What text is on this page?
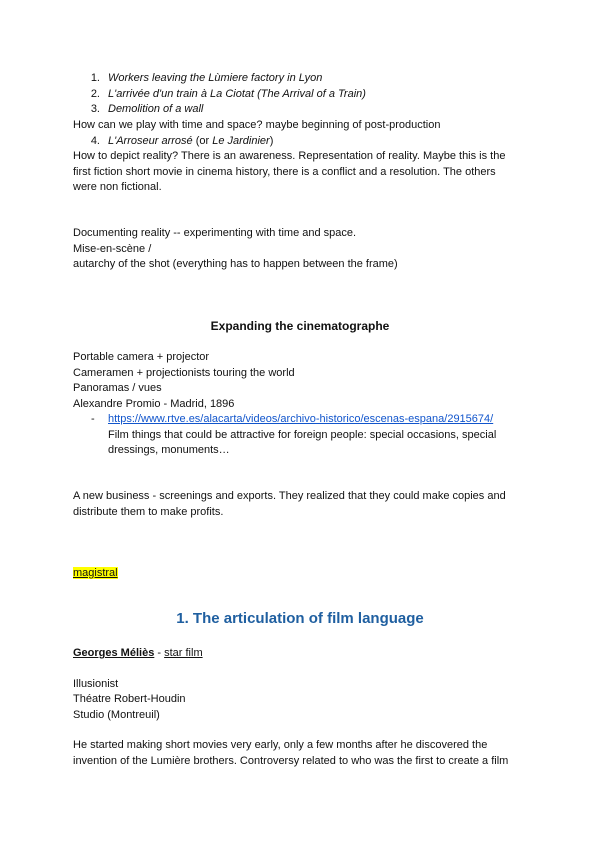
1. Workers leaving the Lùmiere factory in Lyon
2. L'arrivée d'un train à La Ciotat (The Arrival of a Train)
3. Demolition of a wall
How can we play with time and space? maybe beginning of post-production
4. L'Arroseur arrosé (or Le Jardinier)
How to depict reality? There is an awareness. Representation of reality. Maybe this is the
first fiction short movie in cinema history, there is a conflict and a resolution. The others
were non fictional.
Documenting reality -- experimenting with time and space.
Mise-en-scène /
autarchy of the shot (everything has to happen between the frame)
Expanding the cinematographe
Portable camera + projector
Cameramen + projectionists touring the world
Panoramas / vues
Alexandre Promio - Madrid, 1896
- https://www.rtve.es/alacarta/videos/archivo-historico/escenas-espana/2915674/
Film things that could be attractive for foreign people: special occasions, special
dressings, monuments…
A new business - screenings and exports. They realized that they could make copies and
distribute them to make profits.
magistral
1. The articulation of film language
Georges Méliès - star film
Illusionist
Théatre Robert-Houdin
Studio (Montreuil)
He started making short movies very early, only a few months after he discovered the
invention of the Lumière brothers. Controversy related to who was the first to create a film
